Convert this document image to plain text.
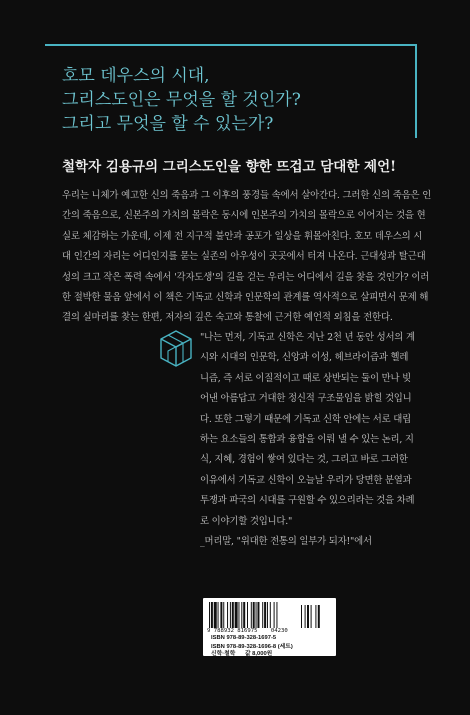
호모 데우스의 시대,
그리스도인은 무엇을 할 것인가?
그리고 무엇을 할 수 있는가?
철학자 김용규의 그리스도인을 향한 뜨겁고 담대한 제언!
우리는 니체가 예고한 신의 죽음과 그 이후의 풍경들 속에서 살아간다. 그러한 신의 죽음은 인
간의 죽음으로, 신본주의 가치의 몰락은 동시에 인본주의 가치의 몰락으로 이어지는 것을 현
실로 체감하는 가운데, 이제 전 지구적 불안과 공포가 일상을 휘몰아친다. 호모 데우스의 시
대 인간의 자리는 어디인지를 묻는 실존의 아우성이 곳곳에서 터져 나온다. 근대성과 탈근대
성의 크고 작은 폭력 속에서 '각자도생'의 길을 걷는 우리는 어디에서 길을 찾을 것인가? 이러
한 절박한 물음 앞에서 이 책은 기독교 신학과 인문학의 관계를 역사적으로 살피면서 문제 해
결의 실마리를 찾는 한편, 저자의 깊은 숙고와 통찰에 근거한 예언적 외침을 전한다.
"나는 먼저, 기독교 신학은 지난 2천 년 동안 성서의 계
시와 시대의 인문학, 신앙과 이성, 헤브라이즘과 헬레
니즘, 즉 서로 이질적이고 때로 상반되는 둘이 만나 빚
어낸 아름답고 거대한 정신적 구조물임을 밝힐 것입니
다. 또한 그렇기 때문에 기독교 신학 안에는 서로 대립
하는 요소들의 통합과 융합을 이뤄 낼 수 있는 논리, 지
식, 지혜, 경험이 쌓여 있다는 것, 그리고 바로 그러한
이유에서 기독교 신학이 오늘날 우리가 당면한 분열과
투쟁과 파국의 시대를 구원할 수 있으리라는 것을 차례
로 이야기할 것입니다."
_머리말, "위대한 전통의 일부가 되자!"에서
9 788932 816975 04230
ISBN 978-89-328-1697-5
ISBN 978-89-328-1696-8 (세트)
신학·철학 값 8,000원
